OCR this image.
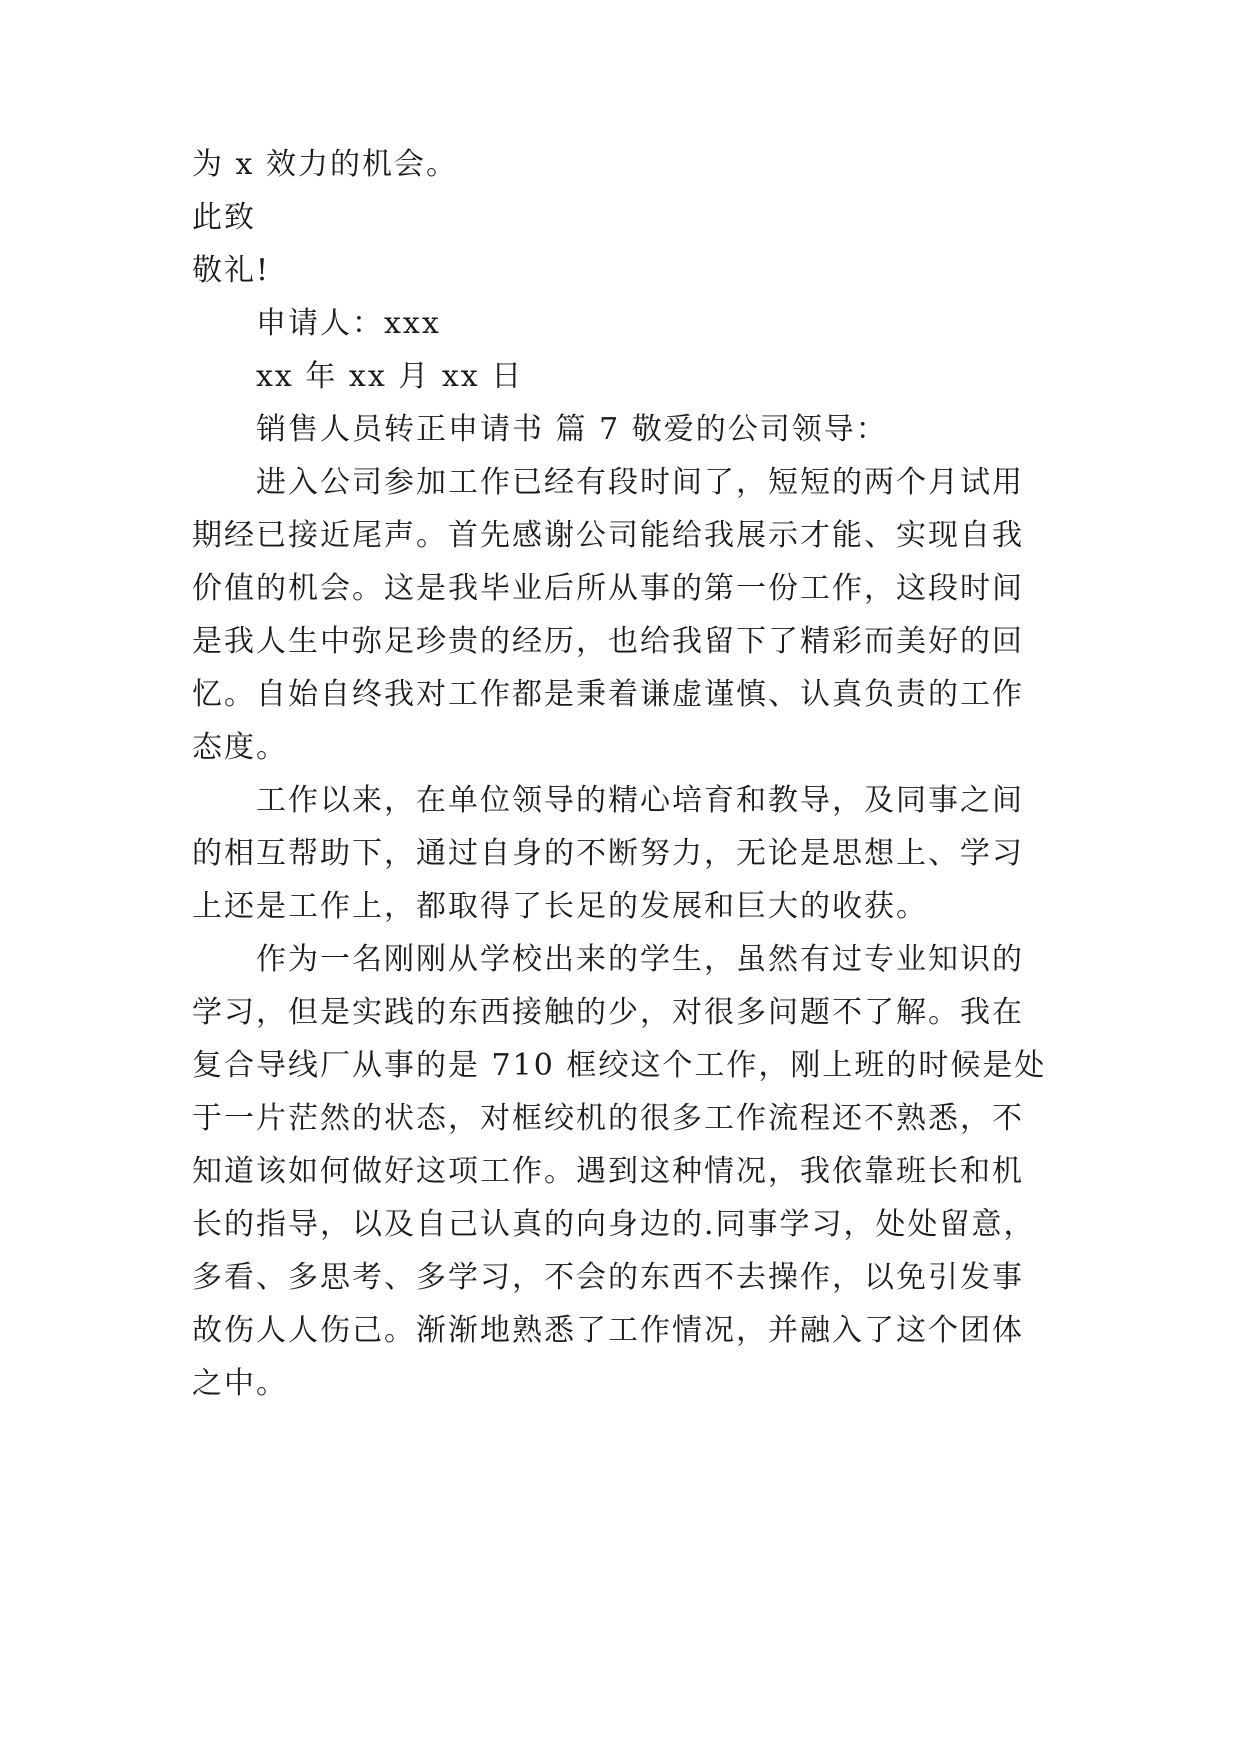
为 x 效力的机会。
此致
敬礼!
申请人：xxx
xx 年 xx 月 xx 日
销售人员转正申请书 篇 7 敬爱的公司领导：
进入公司参加工作已经有段时间了，短短的两个月试用
期经已接近尾声。首先感谢公司能给我展示才能、实现自我
价值的机会。这是我毕业后所从事的第一份工作，这段时间
是我人生中弥足珍贵的经历，也给我留下了精彩而美好的回
忆。自始自终我对工作都是秉着谦虚谨慎、认真负责的工作
态度。
工作以来，在单位领导的精心培育和教导，及同事之间
的相互帮助下，通过自身的不断努力，无论是思想上、学习
上还是工作上，都取得了长足的发展和巨大的收获。
作为一名刚刚从学校出来的学生，虽然有过专业知识的
学习，但是实践的东西接触的少，对很多问题不了解。我在
复合导线厂从事的是 710 框绞这个工作，刚上班的时候是处
于一片茫然的状态，对框绞机的很多工作流程还不熟悉，不
知道该如何做好这项工作。遇到这种情况，我依靠班长和机
长的指导，以及自己认真的向身边的.同事学习，处处留意，
多看、多思考、多学习，不会的东西不去操作，以免引发事
故伤人人伤己。渐渐地熟悉了工作情况，并融入了这个团体
之中。
